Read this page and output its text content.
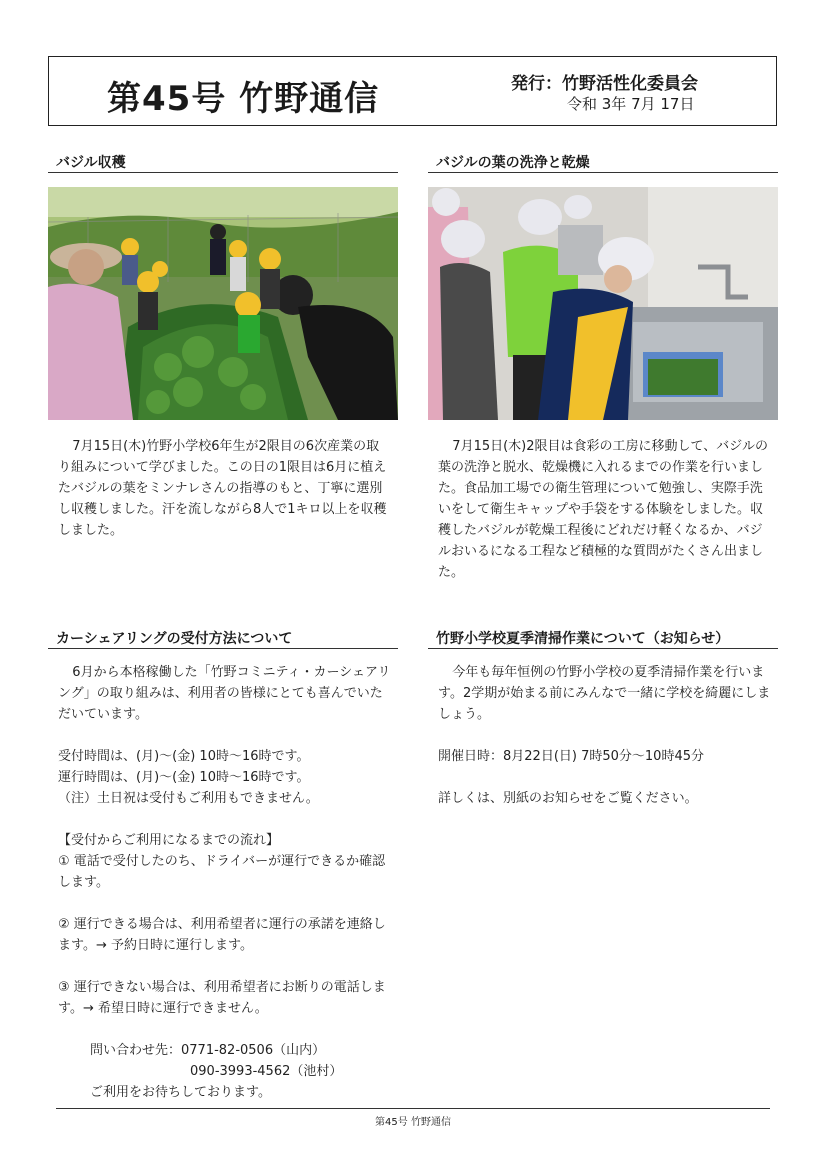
第45号 竹野通信	発行：竹野活性化委員会
令和 3年 7月 17日
バジル収穫	バジルの葉の洗浄と乾燥

7月15日(木)竹野小学校6年生が2限目の6次産業の取り組みについて学びました。この日の1限目は6月に植えたバジルの葉をミンナレさんの指導のもと、丁寧に選別し収穫しました。汗を流しながら8人で1キロ以上を収穫しました。

7月15日(木)2限目は食彩の工房に移動して、バジルの葉の洗浄と脱水、乾燥機に入れるまでの作業を行いました。食品加工場での衛生管理について勉強し、実際手洗いをして衛生キャップや手袋をする体験をしました。収穫したバジルが乾燥工程後にどれだけ軽くなるか、バジルおいるになる工程など積極的な質問がたくさん出ました。

カーシェアリングの受付方法について	竹野小学校夏季清掃作業について（お知らせ）

6月から本格稼働した「竹野コミニティ・カーシェアリング」の取り組みは、利用者の皆様にとても喜んでいただいています。

受付時間は、(月)〜(金) 10時〜16時です。

運行時間は、(月)〜(金) 10時〜16時です。

（注）土日祝は受付もご利用もできません。

【受付からご利用になるまでの流れ】

① 電話で受付したのち、ドライバーが運行できるか確認します。

② 運行できる場合は、利用希望者に運行の承諾を連絡します。→ 予約日時に運行します。

③ 運行できない場合は、利用希望者にお断りの電話します。→ 希望日時に運行できません。

問い合わせ先：0771-82-0506（山内）

090-3993-4562（池村）

ご利用をお待ちしております。

今年も毎年恒例の竹野小学校の夏季清掃作業を行います。2学期が始まる前にみんなで一緒に学校を綺麗にしましょう。

開催日時：8月22日(日) 7時50分〜10時45分

詳しくは、別紙のお知らせをご覧ください。

第45号 竹野通信
